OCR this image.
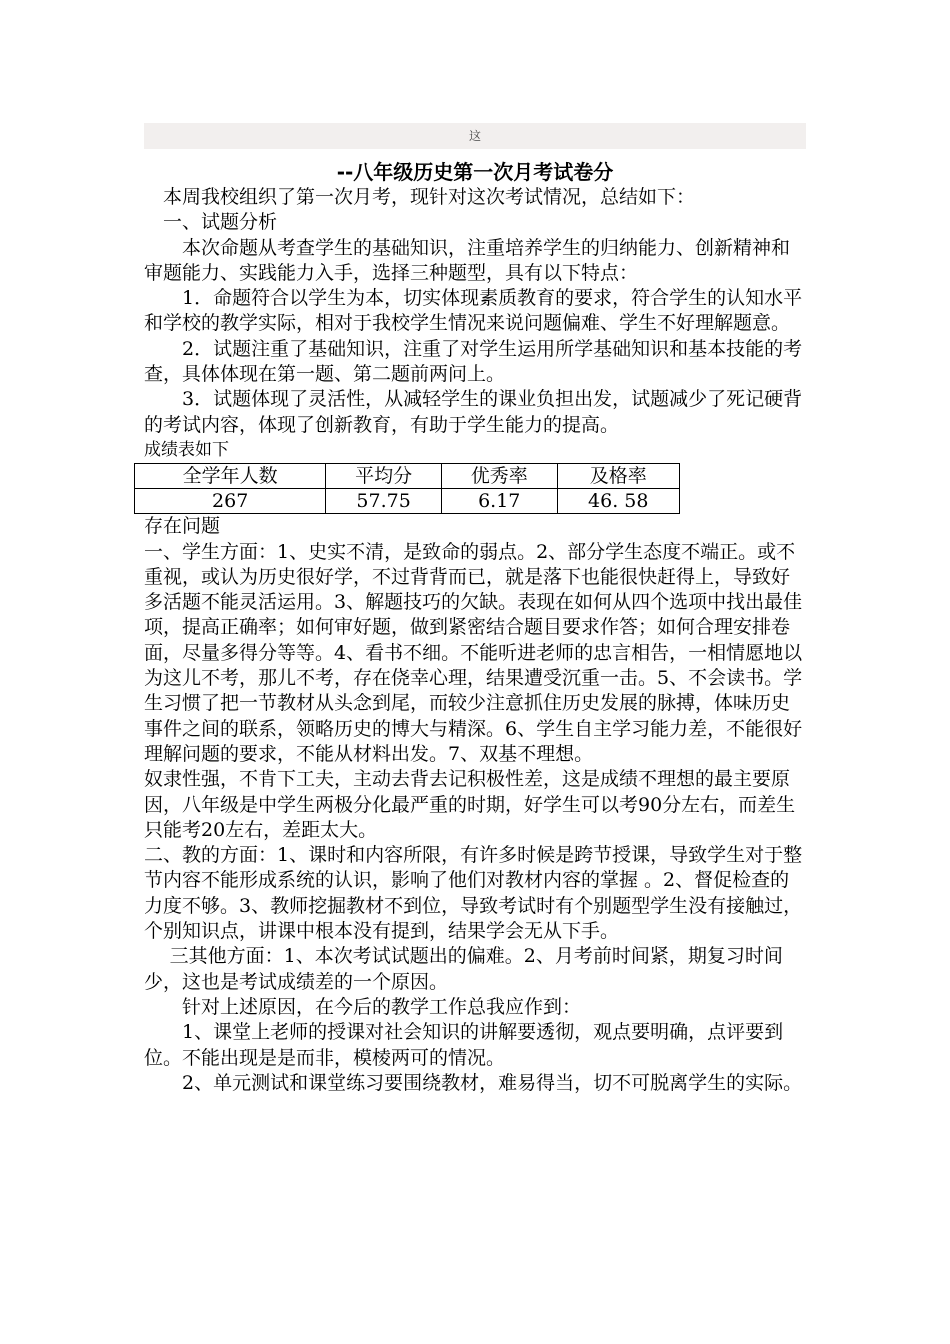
这
--八年级历史第一次月考试卷分

本周我校组织了第一次月考，现针对这次考试情况，总结如下：

一、试题分析

本次命题从考查学生的基础知识，注重培养学生的归纳能力、创新精神和审题能力、实践能力入手，选择三种题型，具有以下特点：

1．命题符合以学生为本，切实体现素质教育的要求，符合学生的认知水平和学校的教学实际，相对于我校学生情况来说问题偏难、学生不好理解题意。

2．试题注重了基础知识，注重了对学生运用所学基础知识和基本技能的考查，具体体现在第一题、第二题前两问上。

3．试题体现了灵活性，从减轻学生的课业负担出发，试题减少了死记硬背的考试内容，体现了创新教育，有助于学生能力的提高。

成绩表如下

全学年人数	平均分	优秀率	及格率
267	57.75	6.17	46. 58

存在问题

一、学生方面：1、史实不清，是致命的弱点。2、部分学生态度不端正。或不重视，或认为历史很好学，不过背背而已，就是落下也能很快赶得上，导致好多活题不能灵活运用。3、解题技巧的欠缺。表现在如何从四个选项中找出最佳项，提高正确率；如何审好题，做到紧密结合题目要求作答；如何合理安排卷面，尽量多得分等等。4、看书不细。不能听进老师的忠言相告，一相情愿地以为这儿不考，那儿不考，存在侥幸心理，结果遭受沉重一击。5、不会读书。学生习惯了把一节教材从头念到尾，而较少注意抓住历史发展的脉搏，体味历史事件之间的联系，领略历史的博大与精深。6、学生自主学习能力差，不能很好理解问题的要求，不能从材料出发。7、双基不理想。

奴隶性强，不肯下工夫，主动去背去记积极性差，这是成绩不理想的最主要原因，八年级是中学生两极分化最严重的时期，好学生可以考90分左右，而差生只能考20左右，差距太大。

二、教的方面：1、课时和内容所限，有许多时候是跨节授课，导致学生对于整节内容不能形成系统的认识，影响了他们对教材内容的掌握 。2、督促检查的力度不够。3、教师挖掘教材不到位，导致考试时有个别题型学生没有接触过，个别知识点，讲课中根本没有提到，结果学会无从下手。

三其他方面：1、本次考试试题出的偏难。2、月考前时间紧，期复习时间少，这也是考试成绩差的一个原因。

针对上述原因，在今后的教学工作总我应作到：

1、课堂上老师的授课对社会知识的讲解要透彻，观点要明确，点评要到位。不能出现是是而非，模棱两可的情况。

2、单元测试和课堂练习要围绕教材，难易得当，切不可脱离学生的实际。
